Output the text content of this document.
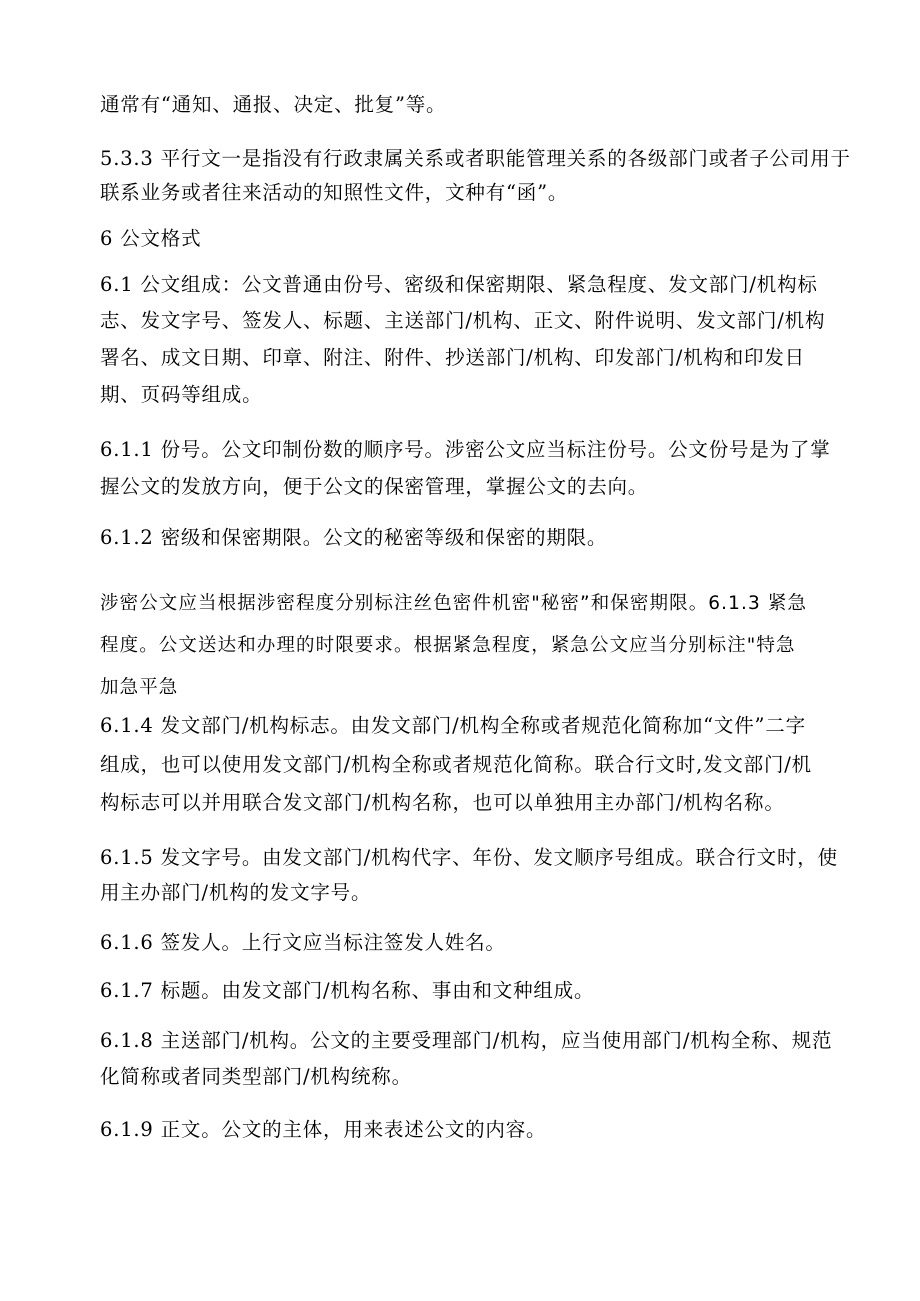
通常有“通知、通报、决定、批复”等。

5.3.3 平行文一是指没有行政隶属关系或者职能管理关系的各级部门或者子公司用于

联系业务或者往来活动的知照性文件，文种有“函”。

6 公文格式

6.1 公文组成：公文普通由份号、密级和保密期限、紧急程度、发文部门/机构标

志、发文字号、签发人、标题、主送部门/机构、正文、附件说明、发文部门/机构

署名、成文日期、印章、附注、附件、抄送部门/机构、印发部门/机构和印发日

期、页码等组成。

6.1.1 份号。公文印制份数的顺序号。涉密公文应当标注份号。公文份号是为了掌

握公文的发放方向，便于公文的保密管理，掌握公文的去向。

6.1.2 密级和保密期限。公文的秘密等级和保密的期限。

涉密公文应当根据涉密程度分别标注丝色密件机密"秘密”和保密期限。6.1.3 紧急

程度。公文送达和办理的时限要求。根据紧急程度，紧急公文应当分别标注"特急

加急平急

6.1.4 发文部门/机构标志。由发文部门/机构全称或者规范化简称加“文件”二字

组成，也可以使用发文部门/机构全称或者规范化简称。联合行文时,发文部门/机

构标志可以并用联合发文部门/机构名称，也可以单独用主办部门/机构名称。

6.1.5 发文字号。由发文部门/机构代字、年份、发文顺序号组成。联合行文时，使

用主办部门/机构的发文字号。

6.1.6 签发人。上行文应当标注签发人姓名。

6.1.7 标题。由发文部门/机构名称、事由和文种组成。

6.1.8 主送部门/机构。公文的主要受理部门/机构，应当使用部门/机构全称、规范

化简称或者同类型部门/机构统称。

6.1.9 正文。公文的主体，用来表述公文的内容。
